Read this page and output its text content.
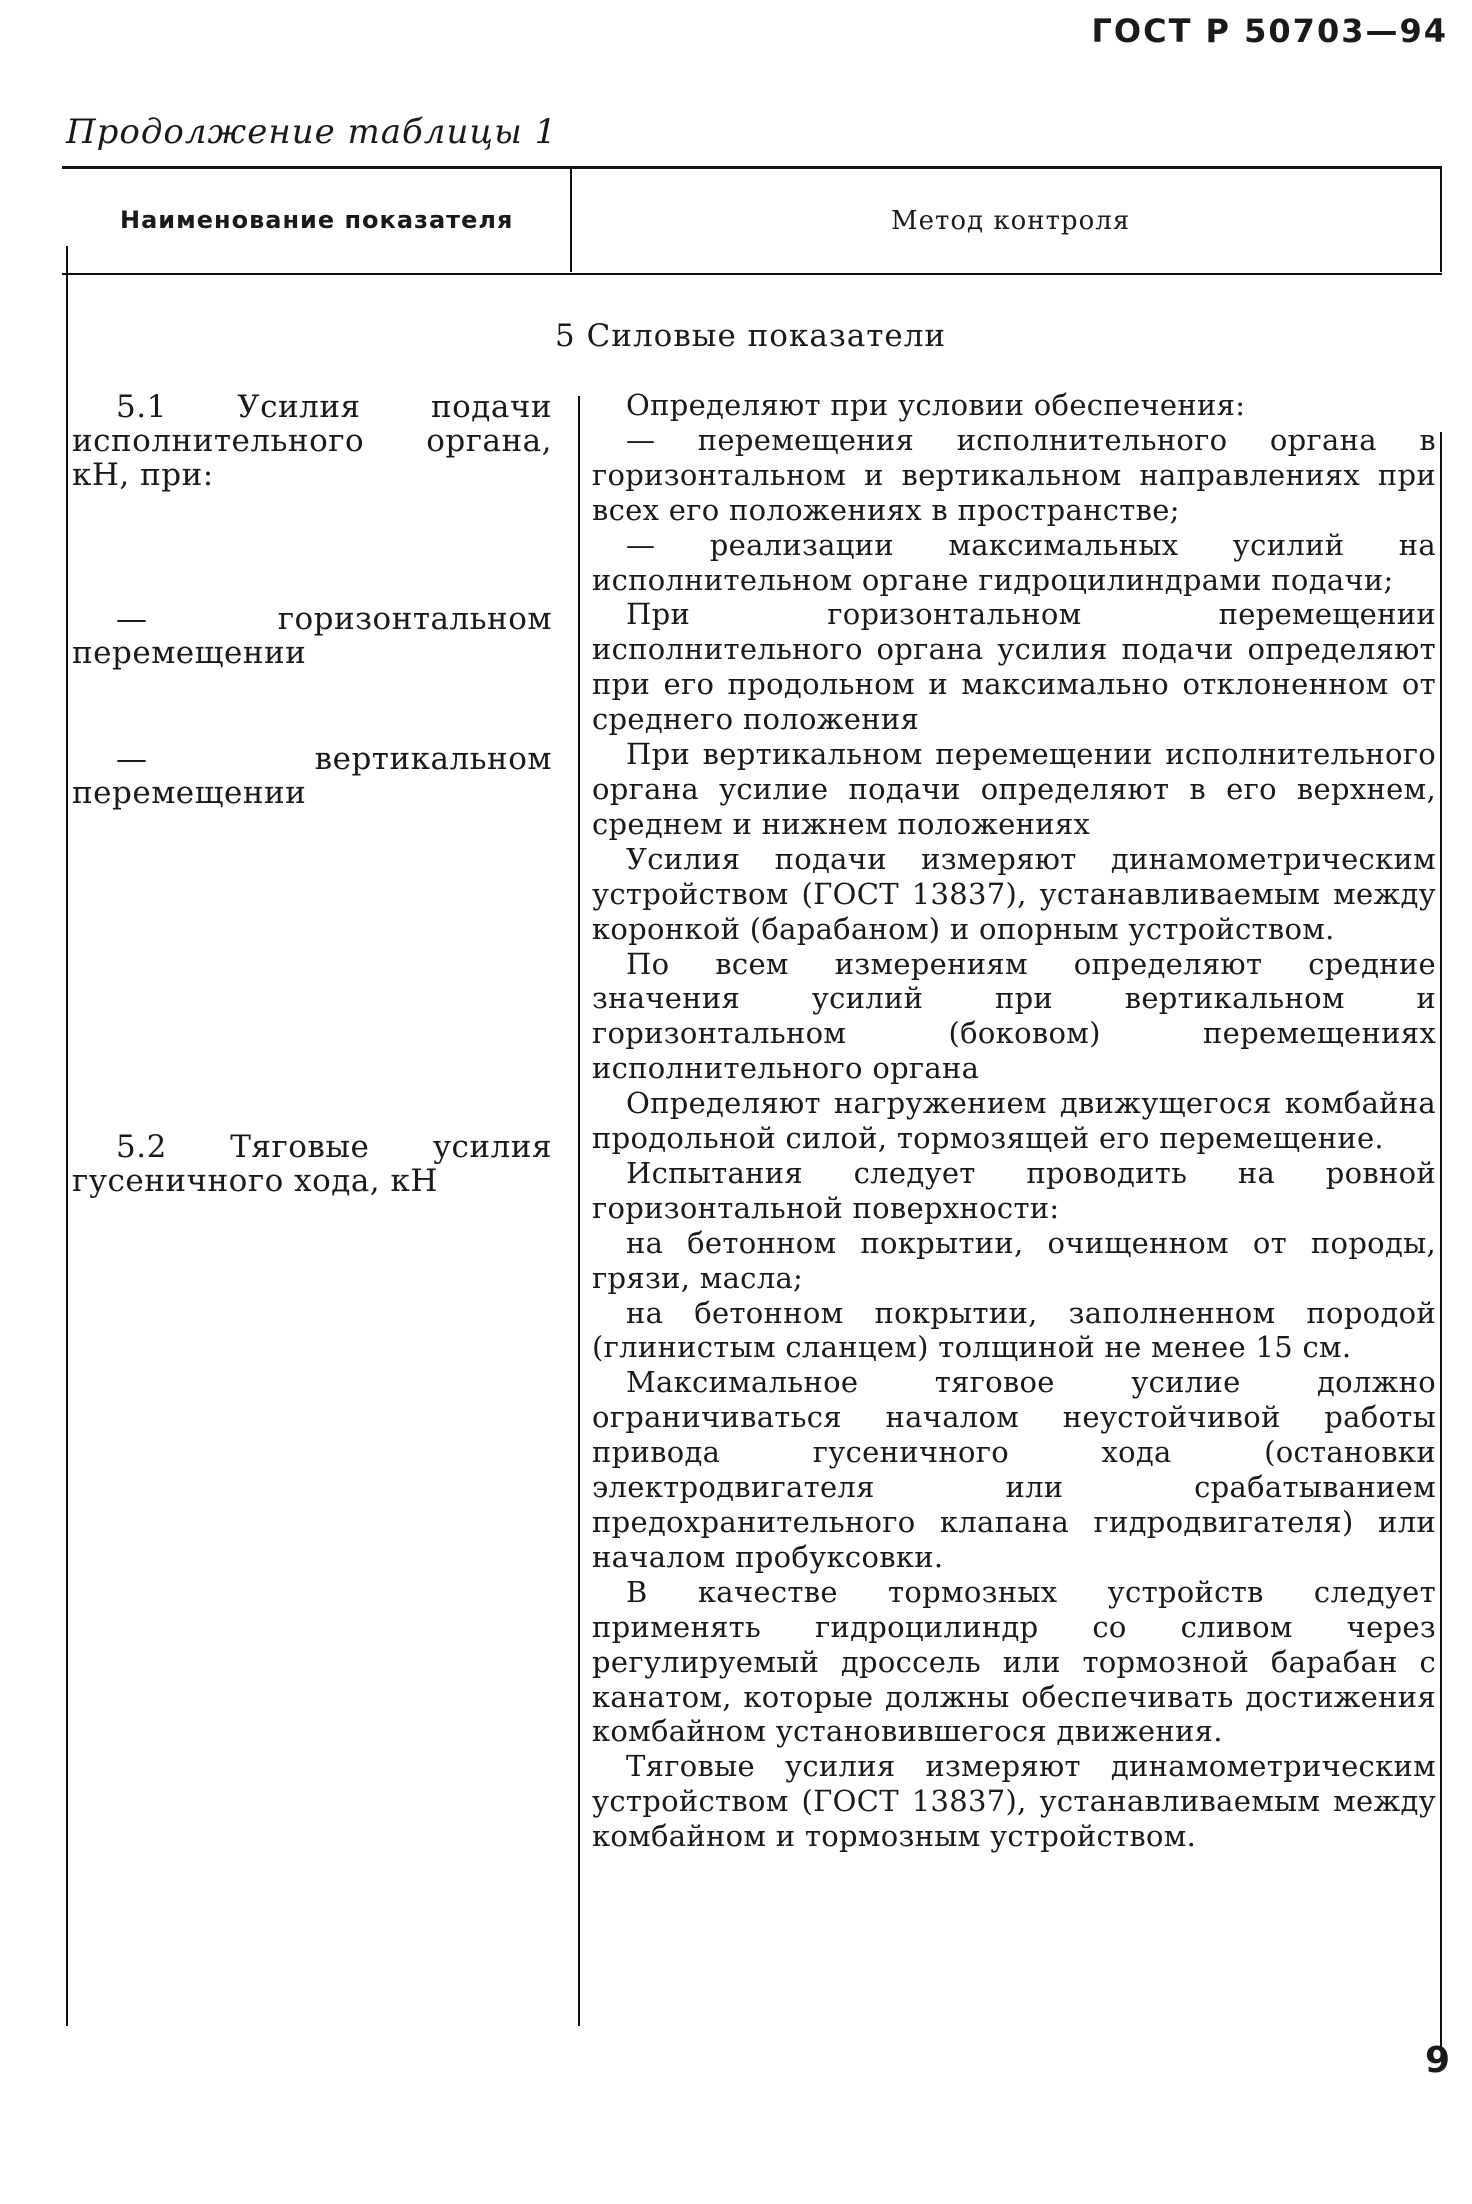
ГОСТ Р 50703—94
Продолжение таблицы 1
Наименование показателя	Метод контроля
5 Силовые показатели
5.1 Усилия подачи исполнительного органа, кН, при:
— горизонтальном перемещении
— вертикальном перемещении
5.2 Тяговые усилия гусеничного хода, кН

Определяют при условии обеспечения:

— перемещения исполнительного органа в горизонтальном и вертикальном направлениях при всех его положениях в пространстве;

— реализации максимальных усилий на исполнительном органе гидроцилиндрами подачи;

При горизонтальном перемещении исполнительного органа усилия подачи определяют при его продольном и максимально отклоненном от среднего положения

При вертикальном перемещении исполнительного органа усилие подачи определяют в его верхнем, среднем и нижнем положениях

Усилия подачи измеряют динамометрическим устройством (ГОСТ 13837), устанавливаемым между коронкой (барабаном) и опорным устройством.

По всем измерениям определяют средние значения усилий при вертикальном и горизонтальном (боковом) перемещениях исполнительного органа

Определяют нагружением движущегося комбайна продольной силой, тормозящей его перемещение.

Испытания следует проводить на ровной горизонтальной поверхности:

на бетонном покрытии, очищенном от породы, грязи, масла;

на бетонном покрытии, заполненном породой (глинистым сланцем) толщиной не менее 15 см.

Максимальное тяговое усилие должно ограничиваться началом неустойчивой работы привода гусеничного хода (остановки электродвигателя или срабатыванием предохранительного клапана гидродвигателя) или началом пробуксовки.

В качестве тормозных устройств следует применять гидроцилиндр со сливом через регулируемый дроссель или тормозной барабан с канатом, которые должны обеспечивать достижения комбайном установившегося движения.

Тяговые усилия измеряют динамометрическим устройством (ГОСТ 13837), устанавливаемым между комбайном и тормозным устройством.

9
